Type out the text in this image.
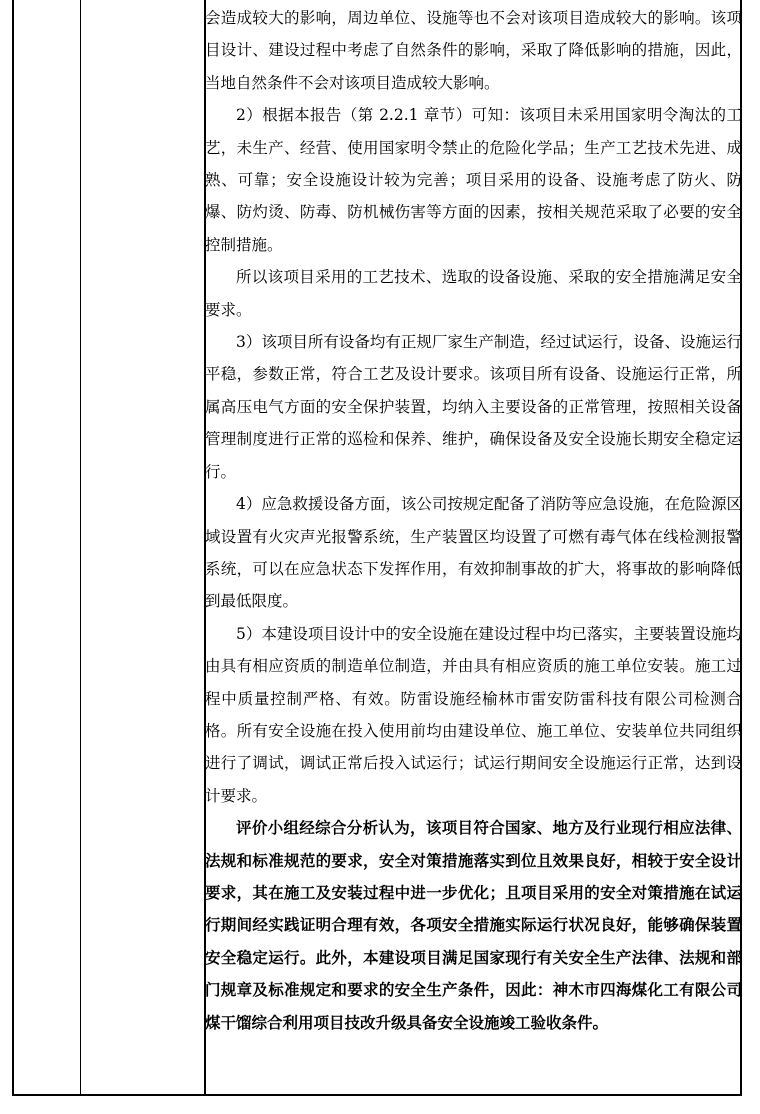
会造成较大的影响，周边单位、设施等也不会对该项目造成较大的影响。该项目设计、建设过程中考虑了自然条件的影响，采取了降低影响的措施，因此，当地自然条件不会对该项目造成较大影响。

2）根据本报告（第 2.2.1 章节）可知：该项目未采用国家明令淘汰的工艺，未生产、经营、使用国家明令禁止的危险化学品；生产工艺技术先进、成熟、可靠；安全设施设计较为完善；项目采用的设备、设施考虑了防火、防爆、防灼烫、防毒、防机械伤害等方面的因素，按相关规范采取了必要的安全控制措施。

所以该项目采用的工艺技术、选取的设备设施、采取的安全措施满足安全要求。

3）该项目所有设备均有正规厂家生产制造，经过试运行，设备、设施运行平稳，参数正常，符合工艺及设计要求。该项目所有设备、设施运行正常，所属高压电气方面的安全保护装置，均纳入主要设备的正常管理，按照相关设备管理制度进行正常的巡检和保养、维护，确保设备及安全设施长期安全稳定运行。

4）应急救援设备方面，该公司按规定配备了消防等应急设施，在危险源区域设置有火灾声光报警系统，生产装置区均设置了可燃有毒气体在线检测报警系统，可以在应急状态下发挥作用，有效抑制事故的扩大，将事故的影响降低到最低限度。

5）本建设项目设计中的安全设施在建设过程中均已落实，主要装置设施均由具有相应资质的制造单位制造，并由具有相应资质的施工单位安装。施工过程中质量控制严格、有效。防雷设施经榆林市雷安防雷科技有限公司检测合格。所有安全设施在投入使用前均由建设单位、施工单位、安装单位共同组织进行了调试，调试正常后投入试运行；试运行期间安全设施运行正常，达到设计要求。

评价小组经综合分析认为，该项目符合国家、地方及行业现行相应法律、法规和标准规范的要求，安全对策措施落实到位且效果良好，相较于安全设计要求，其在施工及安装过程中进一步优化；且项目采用的安全对策措施在试运行期间经实践证明合理有效，各项安全措施实际运行状况良好，能够确保装置安全稳定运行。此外，本建设项目满足国家现行有关安全生产法律、法规和部门规章及标准规定和要求的安全生产条件，因此：神木市四海煤化工有限公司煤干馏综合利用项目技改升级具备安全设施竣工验收条件。
